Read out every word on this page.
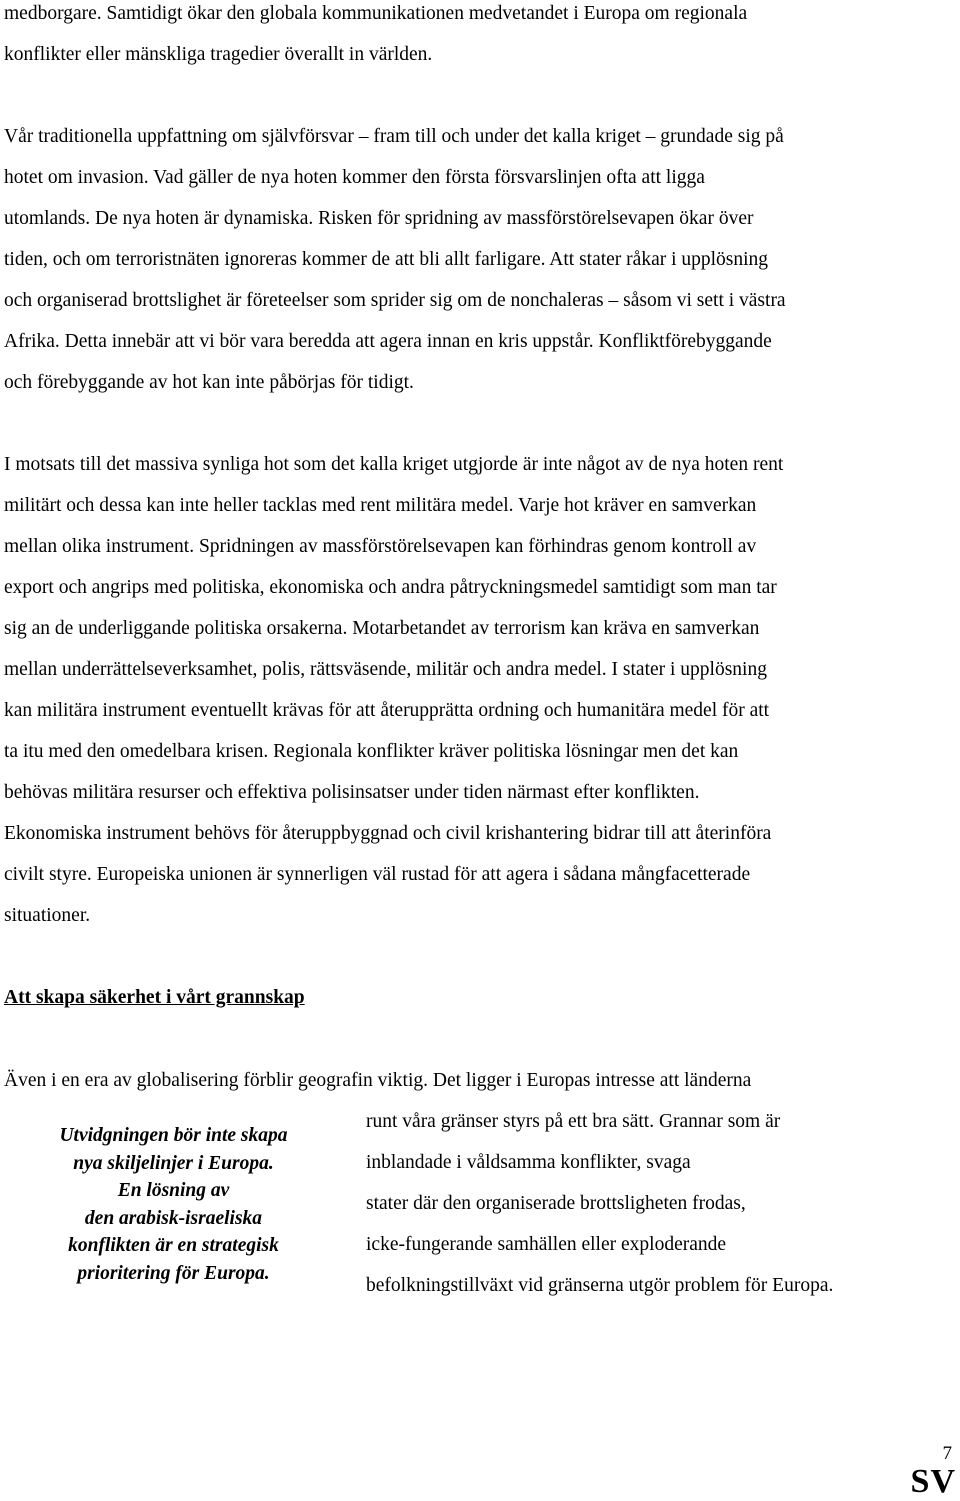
medborgare. Samtidigt ökar den globala kommunikationen medvetandet i Europa om regionala
konflikter eller mänskliga tragedier överallt in världen.

Vår traditionella uppfattning om självförsvar – fram till och under det kalla kriget – grundade sig på
hotet om invasion. Vad gäller de nya hoten kommer den första försvarslinjen ofta att ligga
utomlands. De nya hoten är dynamiska. Risken för spridning av massförstörelsevapen ökar över
tiden, och om terroristnäten ignoreras kommer de att bli allt farligare. Att stater råkar i upplösning
och organiserad brottslighet är företeelser som sprider sig om de nonchaleras – såsom vi sett i västra
Afrika. Detta innebär att vi bör vara beredda att agera innan en kris uppstår. Konfliktförebyggande
och förebyggande av hot kan inte påbörjas för tidigt.

I motsats till det massiva synliga hot som det kalla kriget utgjorde är inte något av de nya hoten rent
militärt och dessa kan inte heller tacklas med rent militära medel. Varje hot kräver en samverkan
mellan olika instrument. Spridningen av massförstörelsevapen kan förhindras genom kontroll av
export och angrips med politiska, ekonomiska och andra påtryckningsmedel samtidigt som man tar
sig an de underliggande politiska orsakerna. Motarbetandet av terrorism kan kräva en samverkan
mellan underrättelseverksamhet, polis, rättsväsende, militär och andra medel. I stater i upplösning
kan militära instrument eventuellt krävas för att återupprätta ordning och humanitära medel för att
ta itu med den omedelbara krisen. Regionala konflikter kräver politiska lösningar men det kan
behövas militära resurser och effektiva polisinsatser under tiden närmast efter konflikten.
Ekonomiska instrument behövs för återuppbyggnad och civil krishantering bidrar till att återinföra
civilt styre. Europeiska unionen är synnerligen väl rustad för att agera i sådana mångfacetterade
situationer.

Att skapa säkerhet i vårt grannskap

Även i en era av globalisering förblir geografin viktig. Det ligger i Europas intresse att länderna

Utvidgningen bör inte skapa
nya skiljelinjer i Europa.
En lösning av
den arabisk-israeliska
konflikten är en strategisk
prioritering för Europa.

runt våra gränser styrs på ett bra sätt. Grannar som är
inblandade i våldsamma konflikter, svaga
stater där den organiserade brottsligheten frodas,
icke-fungerande samhällen eller exploderande
befolkningstillväxt vid gränserna utgör problem för Europa.

7
SV
